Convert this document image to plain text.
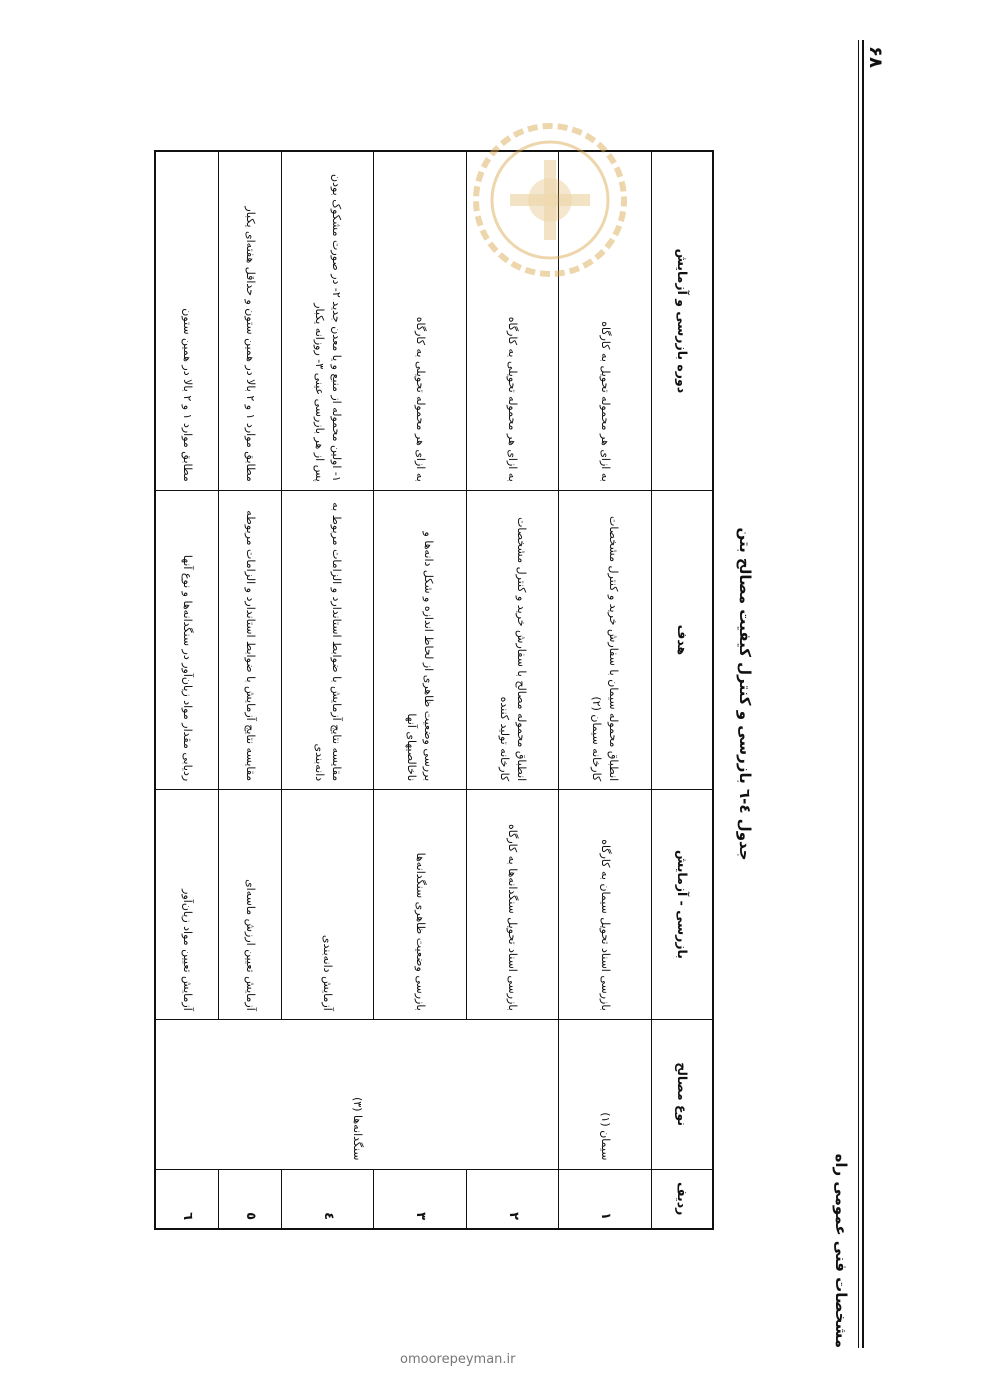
مشخصات فنی عمومی راه
۶۸
جدول ٤-٦ بازرسی و کنترل کیفیت مصالح بتن
ردیف	نوع مصالح	بازرسی - آزمایش	هدف	دوره بازرسی و آزمایش
۱	سیمان (۱)	بازرسی اسناد تحویل سیمان به کارگاه	انطباق محموله سیمان با سفارش خرید و کنترل مشخصات کارخانه سیمان (۲)	به ازای هر محموله تحویل به کارگاه
۲	سنگدانه‌ها (۳)	بازرسی اسناد تحویل سنگدانه‌ها به کارگاه	انطباق محموله مصالح با سفارش خرید و کنترل مشخصات کارخانه تولید کننده	به ازای هر محموله تحویلی به کارگاه
۳		بازرسی وضعیت ظاهری سنگدانه‌ها	بررسی وضعیت ظاهری از لحاظ اندازه و شکل دانه‌ها و ناخالصیهای آنها	به ازای هر محموله تحویلی به کارگاه
٤		آزمایش دانه‌بندی	مقایسه نتایج آزمایش با ضوابط استاندارد و الزامات مربوط به دانه‌بندی	۱- اولین محموله از منبع و یا معدن جدید ۲- در صورت مشکوک بودن پس از هر بازرسی عینی ۳- روزانه یکبار
٥		آزمایش تعیین ارزش ماسه‌ای	مقایسه نتایج آزمایش با ضوابط استاندارد و الزامات مربوطه	مطابق موارد ۱ و ۲ بالا در همین ستون و حداقل هفته‌ای یکبار
٦		آزمایش تعیین مواد زیان‌آور	ردیابی مقدار مواد زیان‌آور در سنگدانه‌ها و نوع آنها	مطابق موارد ۱ و ۲ بالا در همین ستون
omoorepeyman.ir
